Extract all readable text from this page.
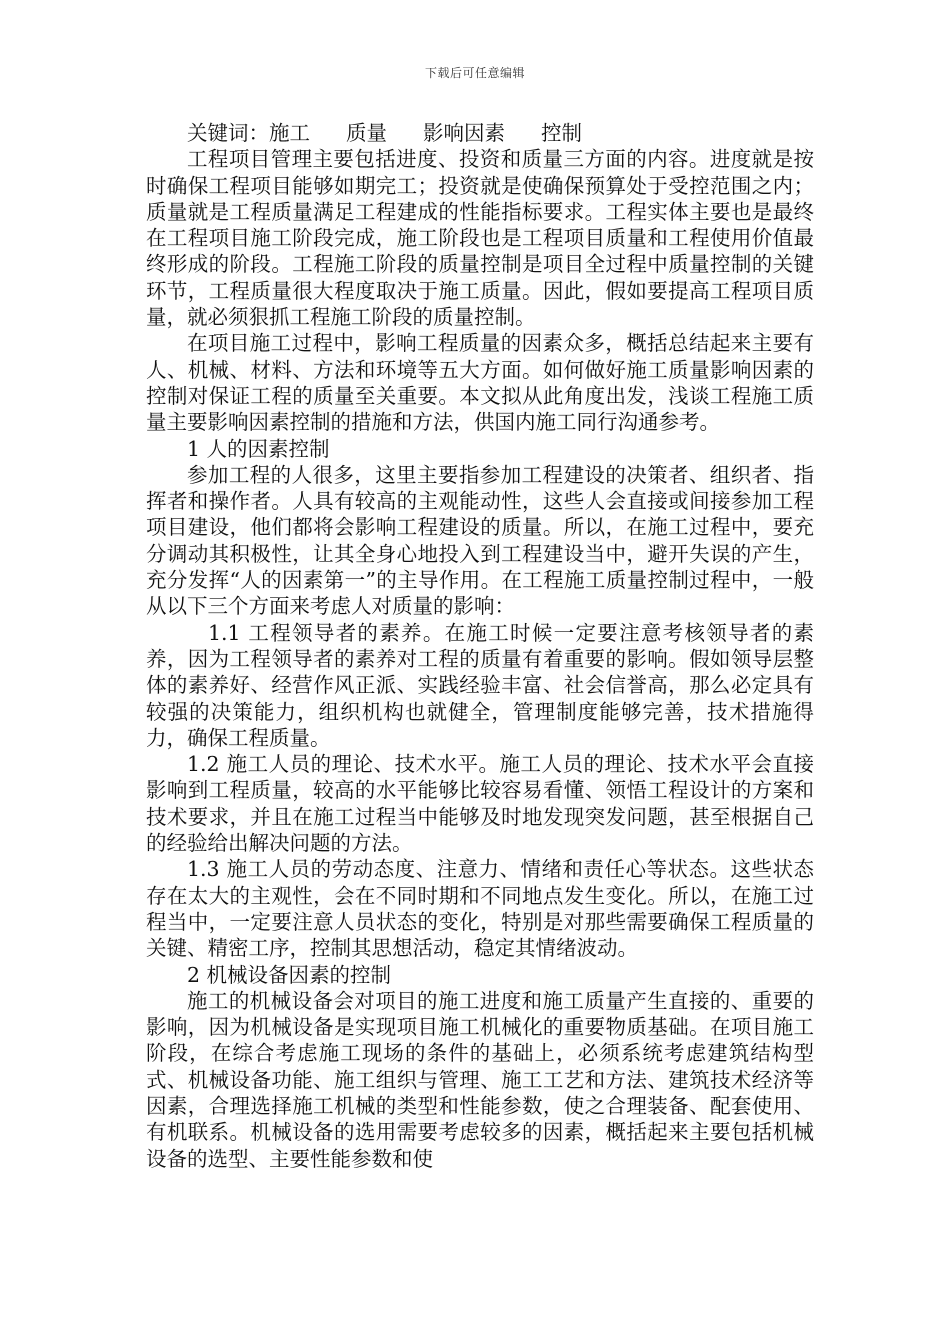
下载后可任意编辑

关键词：施工 质量 影响因素 控制

工程项目管理主要包括进度、投资和质量三方面的内容。进度就是按时确保工程项目能够如期完工；投资就是使确保预算处于受控范围之内；质量就是工程质量满足工程建成的性能指标要求。工程实体主要也是最终在工程项目施工阶段完成，施工阶段也是工程项目质量和工程使用价值最终形成的阶段。工程施工阶段的质量控制是项目全过程中质量控制的关键环节，工程质量很大程度取决于施工质量。因此，假如要提高工程项目质量，就必须狠抓工程施工阶段的质量控制。

在项目施工过程中，影响工程质量的因素众多，概括总结起来主要有人、机械、材料、方法和环境等五大方面。如何做好施工质量影响因素的控制对保证工程的质量至关重要。本文拟从此角度出发，浅谈工程施工质量主要影响因素控制的措施和方法，供国内施工同行沟通参考。

1 人的因素控制

参加工程的人很多，这里主要指参加工程建设的决策者、组织者、指挥者和操作者。人具有较高的主观能动性，这些人会直接或间接参加工程项目建设，他们都将会影响工程建设的质量。所以，在施工过程中，要充分调动其积极性，让其全身心地投入到工程建设当中，避开失误的产生，充分发挥“人的因素第一”的主导作用。在工程施工质量控制过程中，一般从以下三个方面来考虑人对质量的影响：

1.1 工程领导者的素养。在施工时候一定要注意考核领导者的素养，因为工程领导者的素养对工程的质量有着重要的影响。假如领导层整体的素养好、经营作风正派、实践经验丰富、社会信誉高，那么必定具有较强的决策能力，组织机构也就健全，管理制度能够完善，技术措施得力，确保工程质量。

1.2 施工人员的理论、技术水平。施工人员的理论、技术水平会直接影响到工程质量，较高的水平能够比较容易看懂、领悟工程设计的方案和技术要求，并且在施工过程当中能够及时地发现突发问题，甚至根据自己的经验给出解决问题的方法。

1.3 施工人员的劳动态度、注意力、情绪和责任心等状态。这些状态存在太大的主观性，会在不同时期和不同地点发生变化。所以，在施工过程当中，一定要注意人员状态的变化，特别是对那些需要确保工程质量的关键、精密工序，控制其思想活动，稳定其情绪波动。

2 机械设备因素的控制

施工的机械设备会对项目的施工进度和施工质量产生直接的、重要的影响，因为机械设备是实现项目施工机械化的重要物质基础。在项目施工阶段，在综合考虑施工现场的条件的基础上，必须系统考虑建筑结构型式、机械设备功能、施工组织与管理、施工工艺和方法、建筑技术经济等因素，合理选择施工机械的类型和性能参数，使之合理装备、配套使用、有机联系。机械设备的选用需要考虑较多的因素，概括起来主要包括机械设备的选型、主要性能参数和使
